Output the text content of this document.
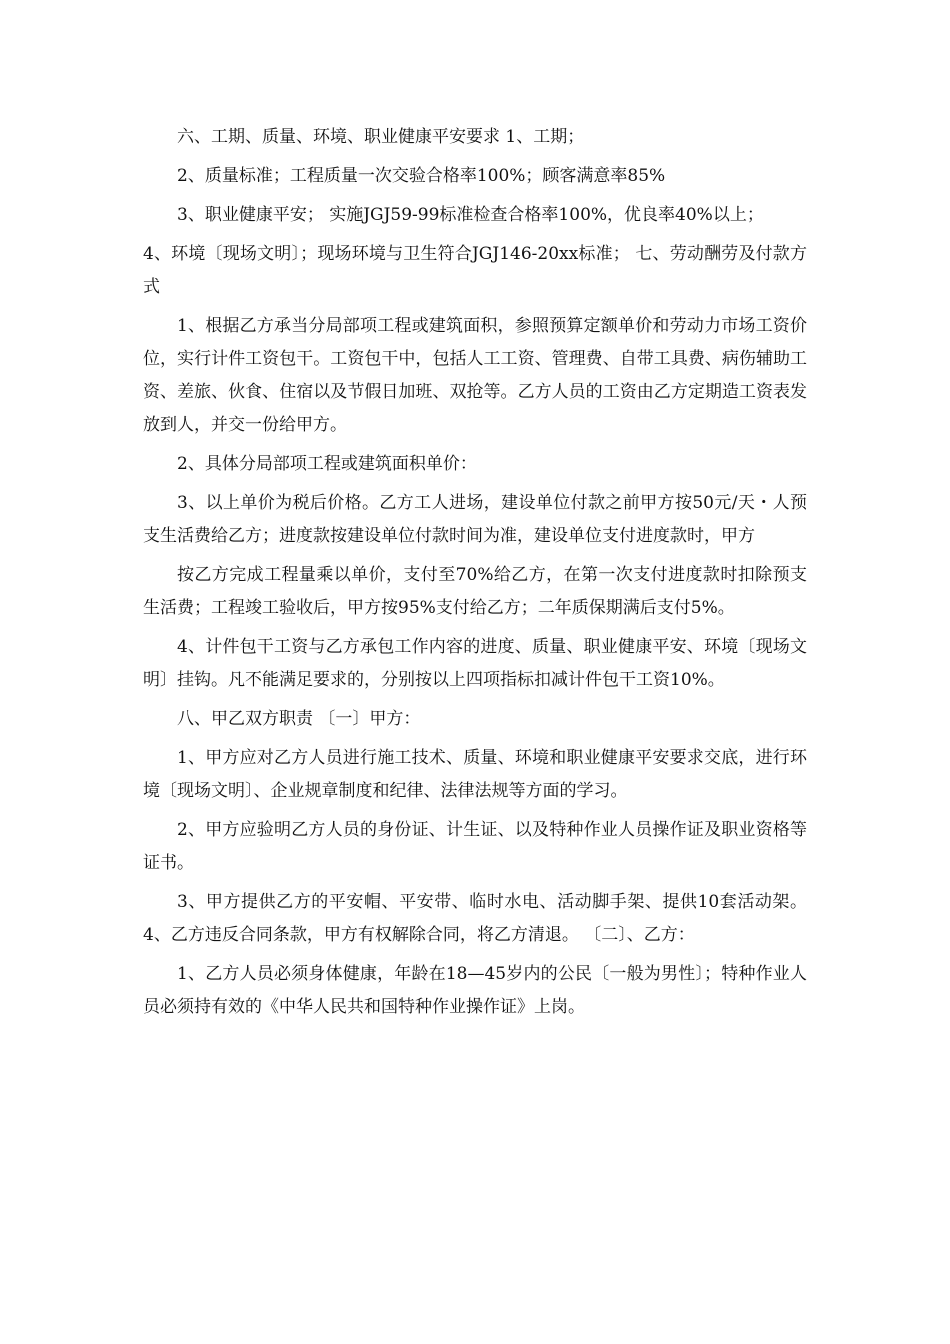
六、工期、质量、环境、职业健康平安要求 1、工期；

2、质量标准；工程质量一次交验合格率100%；顾客满意率85%

3、职业健康平安； 实施JGJ59-99标准检查合格率100%，优良率40%以上；

4、环境〔现场文明〕；现场环境与卫生符合JGJ146-20xx标准； 七、劳动酬劳及付款方式

1、根据乙方承当分局部项工程或建筑面积，参照预算定额单价和劳动力市场工资价位，实行计件工资包干。工资包干中，包括人工工资、管理费、自带工具费、病伤辅助工资、差旅、伙食、住宿以及节假日加班、双抢等。乙方人员的工资由乙方定期造工资表发放到人，并交一份给甲方。

2、具体分局部项工程或建筑面积单价：

3、以上单价为税后价格。乙方工人进场，建设单位付款之前甲方按50元/天・人预支生活费给乙方；进度款按建设单位付款时间为准，建设单位支付进度款时，甲方

按乙方完成工程量乘以单价，支付至70%给乙方，在第一次支付进度款时扣除预支生活费；工程竣工验收后，甲方按95%支付给乙方；二年质保期满后支付5%。

4、计件包干工资与乙方承包工作内容的进度、质量、职业健康平安、环境〔现场文明〕挂钩。凡不能满足要求的，分别按以上四项指标扣减计件包干工资10%。

八、甲乙双方职责 〔一〕甲方：

1、甲方应对乙方人员进行施工技术、质量、环境和职业健康平安要求交底，进行环境〔现场文明〕、企业规章制度和纪律、法律法规等方面的学习。

2、甲方应验明乙方人员的身份证、计生证、以及特种作业人员操作证及职业资格等证书。

3、甲方提供乙方的平安帽、平安带、临时水电、活动脚手架、提供10套活动架。 4、乙方违反合同条款，甲方有权解除合同，将乙方清退。 〔二〕、乙方：

1、乙方人员必须身体健康，年龄在18—45岁内的公民〔一般为男性〕；特种作业人员必须持有效的《中华人民共和国特种作业操作证》上岗。
